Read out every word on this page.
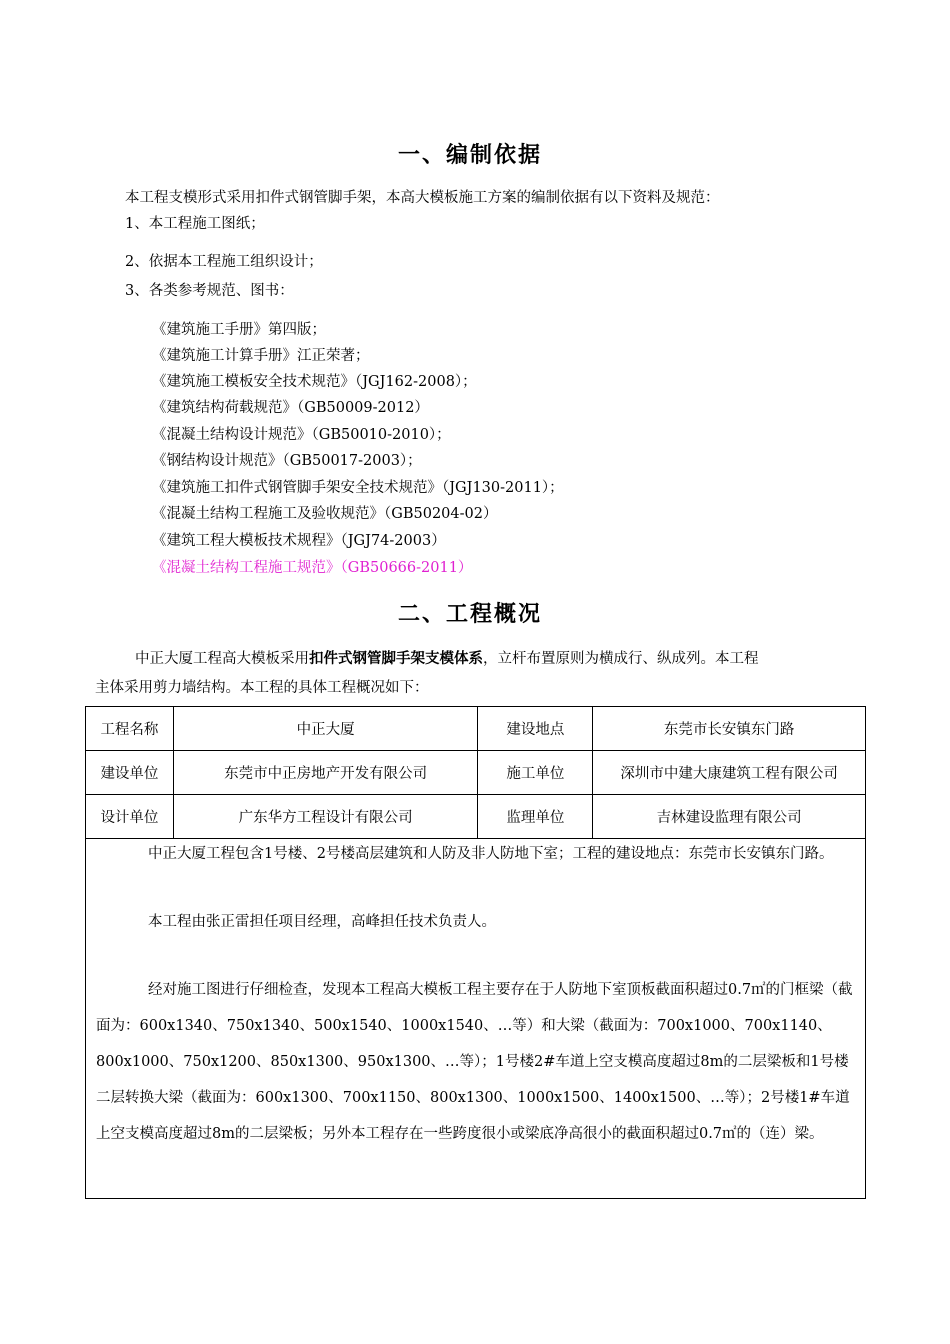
一、编制依据
本工程支模形式采用扣件式钢管脚手架，本高大模板施工方案的编制依据有以下资料及规范：
1、本工程施工图纸；
2、依据本工程施工组织设计；
3、各类参考规范、图书：
《建筑施工手册》第四版；
《建筑施工计算手册》江正荣著；
《建筑施工模板安全技术规范》（JGJ162-2008）；
《建筑结构荷载规范》（GB50009-2012）
《混凝土结构设计规范》（GB50010-2010）；
《钢结构设计规范》（GB50017-2003）；
《建筑施工扣件式钢管脚手架安全技术规范》（JGJ130-2011）；
《混凝土结构工程施工及验收规范》（GB50204-02）
《建筑工程大模板技术规程》（JGJ74-2003）
《混凝土结构工程施工规范》（GB50666-2011）
二、工程概况
中正大厦工程高大模板采用扣件式钢管脚手架支模体系，立杆布置原则为横成行、纵成列。本工程
主体采用剪力墙结构。本工程的具体工程概况如下：
工程名称	中正大厦	建设地点	东莞市长安镇东门路
建设单位	东莞市中正房地产开发有限公司	施工单位	深圳市中建大康建筑工程有限公司
设计单位	广东华方工程设计有限公司	监理单位	吉林建设监理有限公司
中正大厦工程包含1号楼、2号楼高层建筑和人防及非人防地下室；工程的建设地点：东莞市长安镇东门路。
本工程由张正雷担任项目经理，高峰担任技术负责人。
经对施工图进行仔细检查，发现本工程高大模板工程主要存在于人防地下室顶板截面积超过0.7㎡的门框梁（截面为：600x1340、750x1340、500x1540、1000x1540、…等）和大梁（截面为：700x1000、700x1140、800x1000、750x1200、850x1300、950x1300、…等）；1号楼2#车道上空支模高度超过8m的二层梁板和1号楼二层转换大梁（截面为：600x1300、700x1150、800x1300、1000x1500、1400x1500、…等）；2号楼1#车道上空支模高度超过8m的二层梁板；另外本工程存在一些跨度很小或梁底净高很小的截面积超过0.7㎡的（连）梁。
